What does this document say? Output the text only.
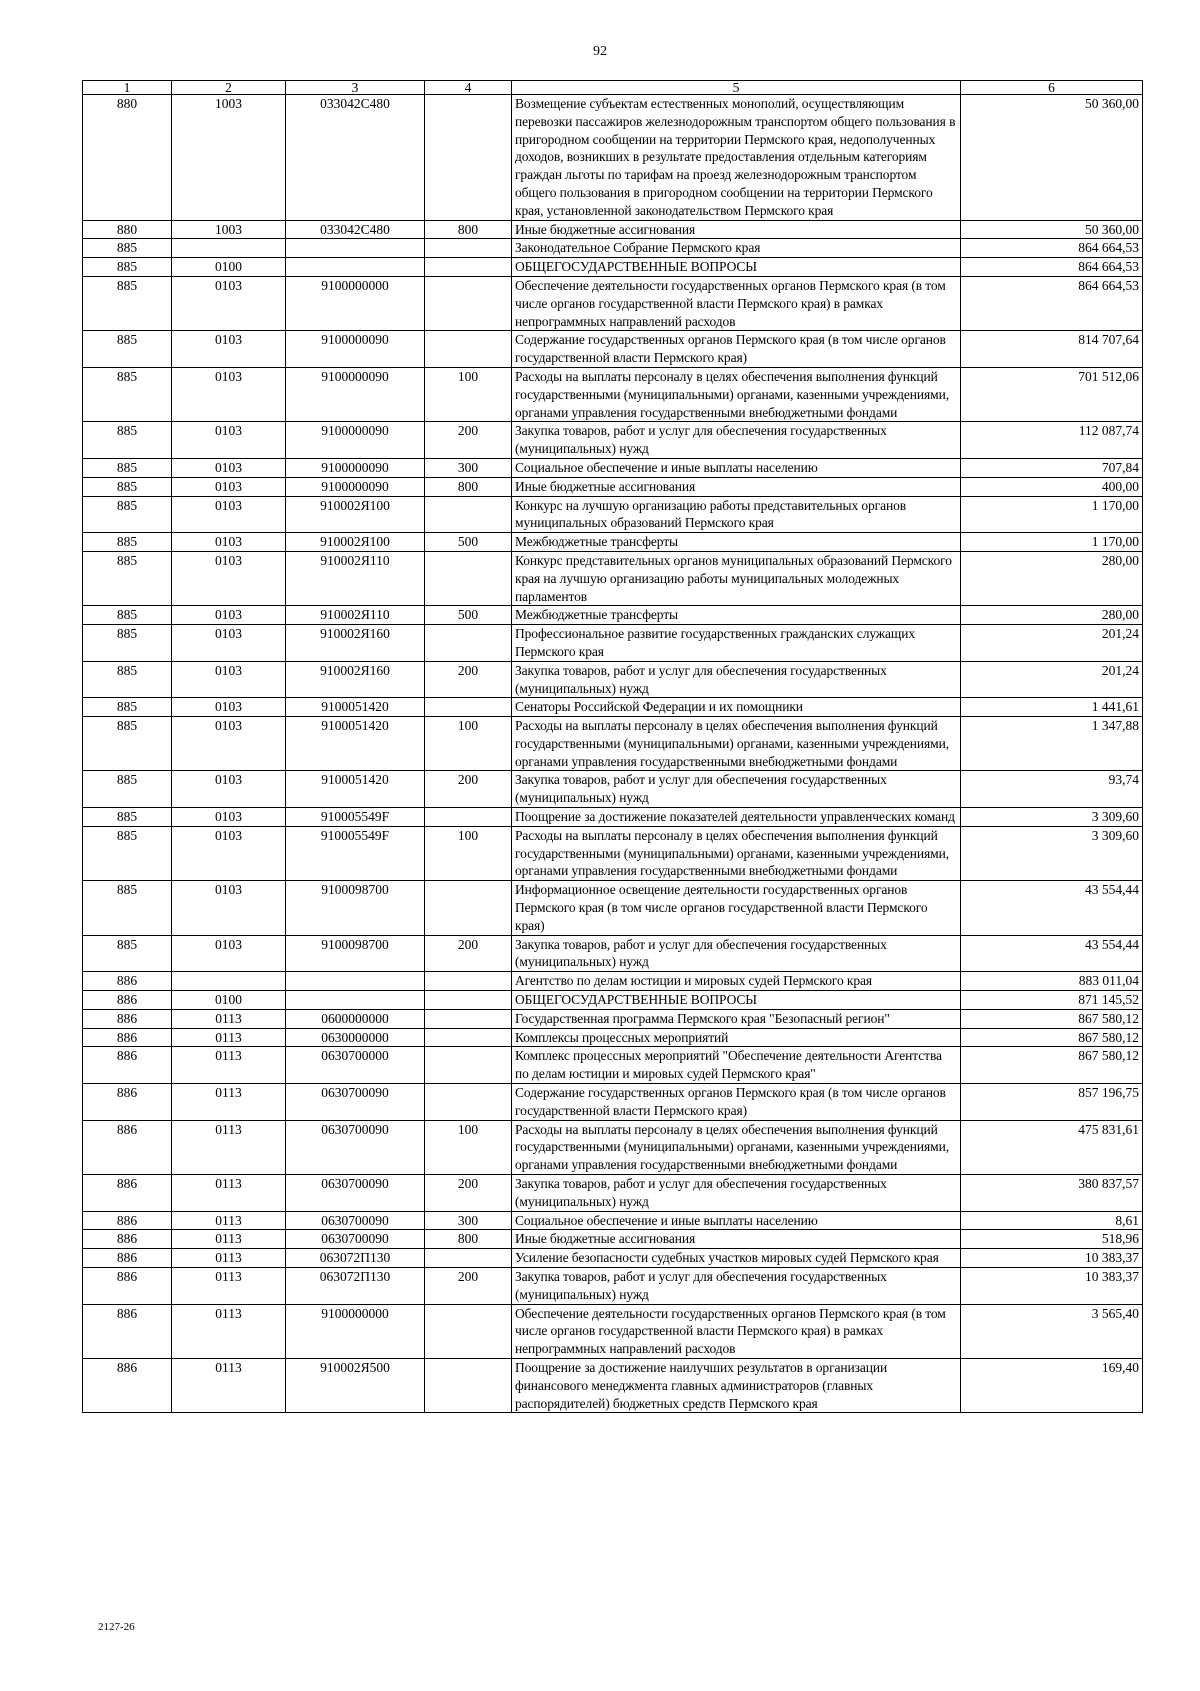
92
1	2	3	4	5	6
880	1003	033042C480		Возмещение субъектам естественных монополий, осуществляющим перевозки пассажиров железнодорожным транспортом общего пользования в пригородном сообщении на территории Пермского края, недополученных доходов, возникших в результате предоставления отдельным категориям граждан льготы по тарифам на проезд железнодорожным транспортом общего пользования в пригородном сообщении на территории Пермского края, установленной законодательством Пермского края	50 360,00
880	1003	033042C480	800	Иные бюджетные ассигнования	50 360,00
885				Законодательное Собрание Пермского края	864 664,53
885	0100			ОБЩЕГОСУДАРСТВЕННЫЕ ВОПРОСЫ	864 664,53
885	0103	9100000000		Обеспечение деятельности государственных органов Пермского края (в том числе органов государственной власти Пермского края) в рамках непрограммных направлений расходов	864 664,53
885	0103	9100000090		Содержание государственных органов Пермского края (в том числе органов государственной власти Пермского края)	814 707,64
885	0103	9100000090	100	Расходы на выплаты персоналу в целях обеспечения выполнения функций государственными (муниципальными) органами, казенными учреждениями, органами управления государственными внебюджетными фондами	701 512,06
885	0103	9100000090	200	Закупка товаров, работ и услуг для обеспечения государственных (муниципальных) нужд	112 087,74
885	0103	9100000090	300	Социальное обеспечение и иные выплаты населению	707,84
885	0103	9100000090	800	Иные бюджетные ассигнования	400,00
885	0103	910002Я100		Конкурс на лучшую организацию работы представительных органов муниципальных образований Пермского края	1 170,00
885	0103	910002Я100	500	Межбюджетные трансферты	1 170,00
885	0103	910002Я110		Конкурс представительных органов муниципальных образований Пермского края на лучшую организацию работы муниципальных молодежных парламентов	280,00
885	0103	910002Я110	500	Межбюджетные трансферты	280,00
885	0103	910002Я160		Профессиональное развитие государственных гражданских служащих Пермского края	201,24
885	0103	910002Я160	200	Закупка товаров, работ и услуг для обеспечения государственных (муниципальных) нужд	201,24
885	0103	9100051420		Сенаторы Российской Федерации и их помощники	1 441,61
885	0103	9100051420	100	Расходы на выплаты персоналу в целях обеспечения выполнения функций государственными (муниципальными) органами, казенными учреждениями, органами управления государственными внебюджетными фондами	1 347,88
885	0103	9100051420	200	Закупка товаров, работ и услуг для обеспечения государственных (муниципальных) нужд	93,74
885	0103	910005549F		Поощрение за достижение показателей деятельности управленческих команд	3 309,60
885	0103	910005549F	100	Расходы на выплаты персоналу в целях обеспечения выполнения функций государственными (муниципальными) органами, казенными учреждениями, органами управления государственными внебюджетными фондами	3 309,60
885	0103	9100098700		Информационное освещение деятельности государственных органов Пермского края (в том числе органов государственной власти Пермского края)	43 554,44
885	0103	9100098700	200	Закупка товаров, работ и услуг для обеспечения государственных (муниципальных) нужд	43 554,44
886				Агентство по делам юстиции и мировых судей Пермского края	883 011,04
886	0100			ОБЩЕГОСУДАРСТВЕННЫЕ ВОПРОСЫ	871 145,52
886	0113	0600000000		Государственная программа Пермского края "Безопасный регион"	867 580,12
886	0113	0630000000		Комплексы процессных мероприятий	867 580,12
886	0113	0630700000		Комплекс процессных мероприятий "Обеспечение деятельности Агентства по делам юстиции и мировых судей Пермского края"	867 580,12
886	0113	0630700090		Содержание государственных органов Пермского края (в том числе органов государственной власти Пермского края)	857 196,75
886	0113	0630700090	100	Расходы на выплаты персоналу в целях обеспечения выполнения функций государственными (муниципальными) органами, казенными учреждениями, органами управления государственными внебюджетными фондами	475 831,61
886	0113	0630700090	200	Закупка товаров, работ и услуг для обеспечения государственных (муниципальных) нужд	380 837,57
886	0113	0630700090	300	Социальное обеспечение и иные выплаты населению	8,61
886	0113	0630700090	800	Иные бюджетные ассигнования	518,96
886	0113	063072П130		Усиление безопасности судебных участков мировых судей Пермского края	10 383,37
886	0113	063072П130	200	Закупка товаров, работ и услуг для обеспечения государственных (муниципальных) нужд	10 383,37
886	0113	9100000000		Обеспечение деятельности государственных органов Пермского края (в том числе органов государственной власти Пермского края) в рамках непрограммных направлений расходов	3 565,40
886	0113	910002Я500		Поощрение за достижение наилучших результатов в организации финансового менеджмента главных администраторов (главных распорядителей) бюджетных средств Пермского края	169,40
2127-26
